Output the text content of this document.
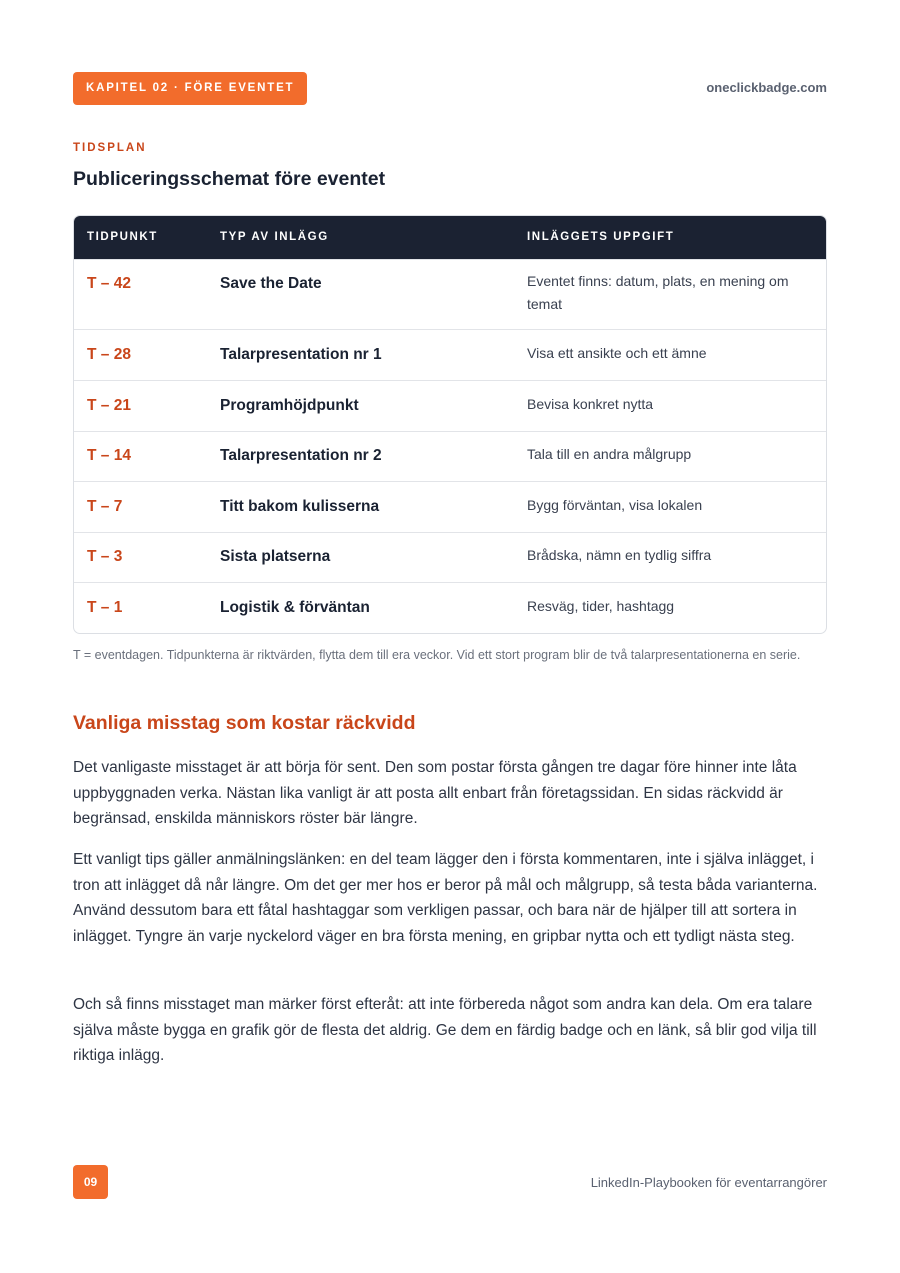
KAPITEL 02 · FÖRE EVENTET	oneclickbadge.com
TIDSPLAN
Publiceringsschemat före eventet
TIDPUNKT	TYP AV INLÄGG	INLÄGGETS UPPGIFT
T – 42	Save the Date	Eventet finns: datum, plats, en mening om temat
T – 28	Talarpresentation nr 1	Visa ett ansikte och ett ämne
T – 21	Programhöjdpunkt	Bevisa konkret nytta
T – 14	Talarpresentation nr 2	Tala till en andra målgrupp
T – 7	Titt bakom kulisserna	Bygg förväntan, visa lokalen
T – 3	Sista platserna	Brådska, nämn en tydlig siffra
T – 1	Logistik & förväntan	Resväg, tider, hashtagg
T = eventdagen. Tidpunkterna är riktvärden, flytta dem till era veckor. Vid ett stort program blir de två talarpresentationerna en serie.
Vanliga misstag som kostar räckvidd

Det vanligaste misstaget är att börja för sent. Den som postar första gången tre dagar före hinner inte låta uppbyggnaden verka. Nästan lika vanligt är att posta allt enbart från företagssidan. En sidas räckvidd är begränsad, enskilda människors röster bär längre.

Ett vanligt tips gäller anmälningslänken: en del team lägger den i första kommentaren, inte i själva inlägget, i tron att inlägget då når längre. Om det ger mer hos er beror på mål och målgrupp, så testa båda varianterna. Använd dessutom bara ett fåtal hashtaggar som verkligen passar, och bara när de hjälper till att sortera in inlägget. Tyngre än varje nyckelord väger en bra första mening, en gripbar nytta och ett tydligt nästa steg.

Och så finns misstaget man märker först efteråt: att inte förbereda något som andra kan dela. Om era talare själva måste bygga en grafik gör de flesta det aldrig. Ge dem en färdig badge och en länk, så blir god vilja till riktiga inlägg.

09	LinkedIn-Playbooken för eventarrangörer
